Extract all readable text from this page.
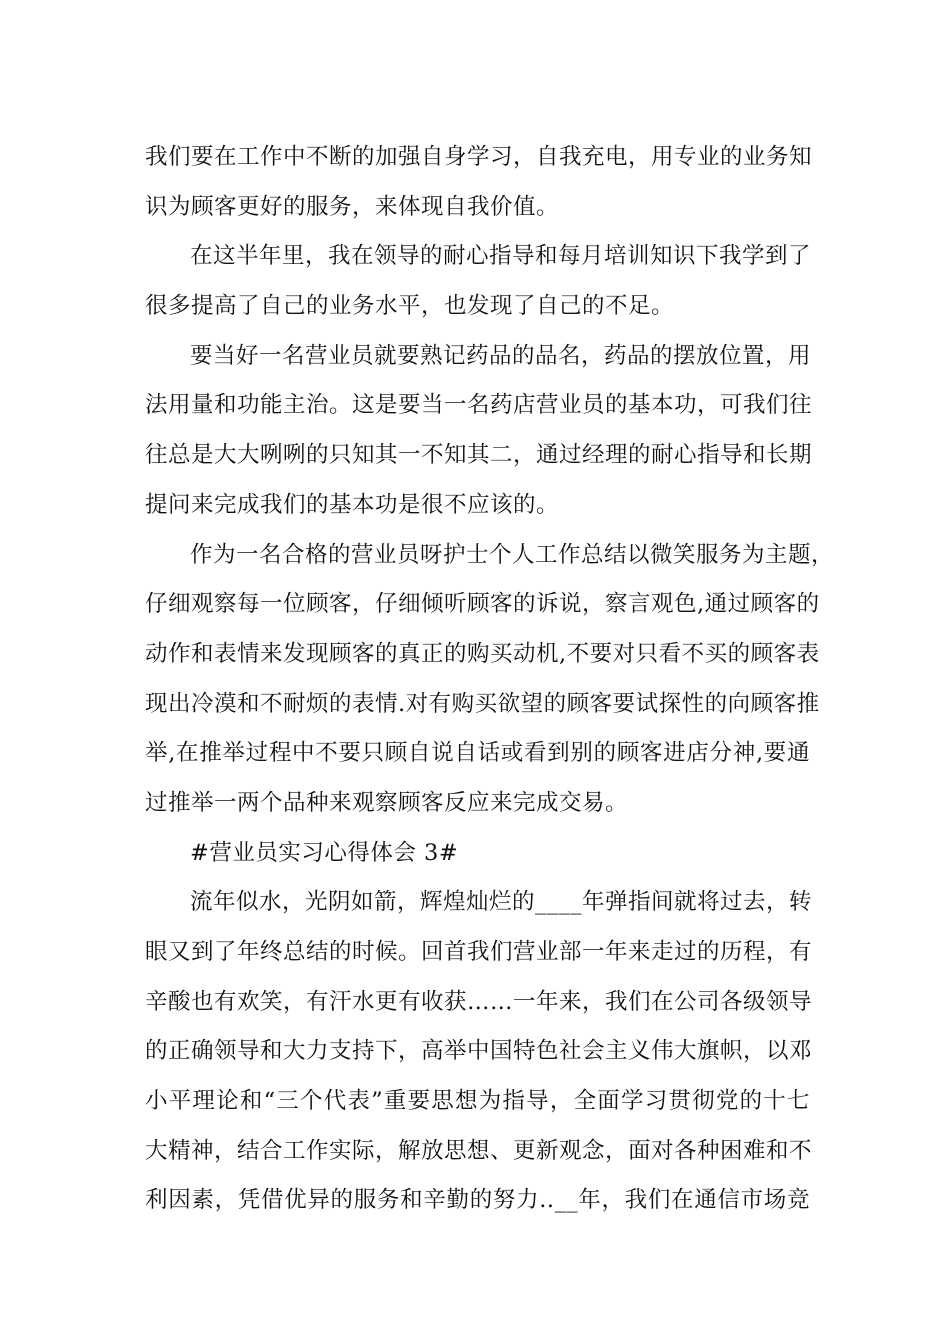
我们要在工作中不断的加强自身学习，自我充电，用专业的业务知
识为顾客更好的服务，来体现自我价值。
在这半年里，我在领导的耐心指导和每月培训知识下我学到了
很多提高了自己的业务水平，也发现了自己的不足。
要当好一名营业员就要熟记药品的品名，药品的摆放位置，用
法用量和功能主治。这是要当一名药店营业员的基本功，可我们往
往总是大大咧咧的只知其一不知其二，通过经理的耐心指导和长期
提问来完成我们的基本功是很不应该的。
作为一名合格的营业员呀护士个人工作总结以微笑服务为主题，
仔细观察每一位顾客，仔细倾听顾客的诉说，察言观色,通过顾客的
动作和表情来发现顾客的真正的购买动机,不要对只看不买的顾客表
现出冷漠和不耐烦的表情.对有购买欲望的顾客要试探性的向顾客推
举,在推举过程中不要只顾自说自话或看到别的顾客进店分神,要通
过推举一两个品种来观察顾客反应来完成交易。
#营业员实习心得体会 3#
流年似水，光阴如箭，辉煌灿烂的____年弹指间就将过去，转
眼又到了年终总结的时候。回首我们营业部一年来走过的历程，有
辛酸也有欢笑，有汗水更有收获……一年来，我们在公司各级领导
的正确领导和大力支持下，高举中国特色社会主义伟大旗帜，以邓
小平理论和“三个代表”重要思想为指导，全面学习贯彻党的十七
大精神，结合工作实际，解放思想、更新观念，面对各种困难和不
利因素，凭借优异的服务和辛勤的努力..__年，我们在通信市场竞
